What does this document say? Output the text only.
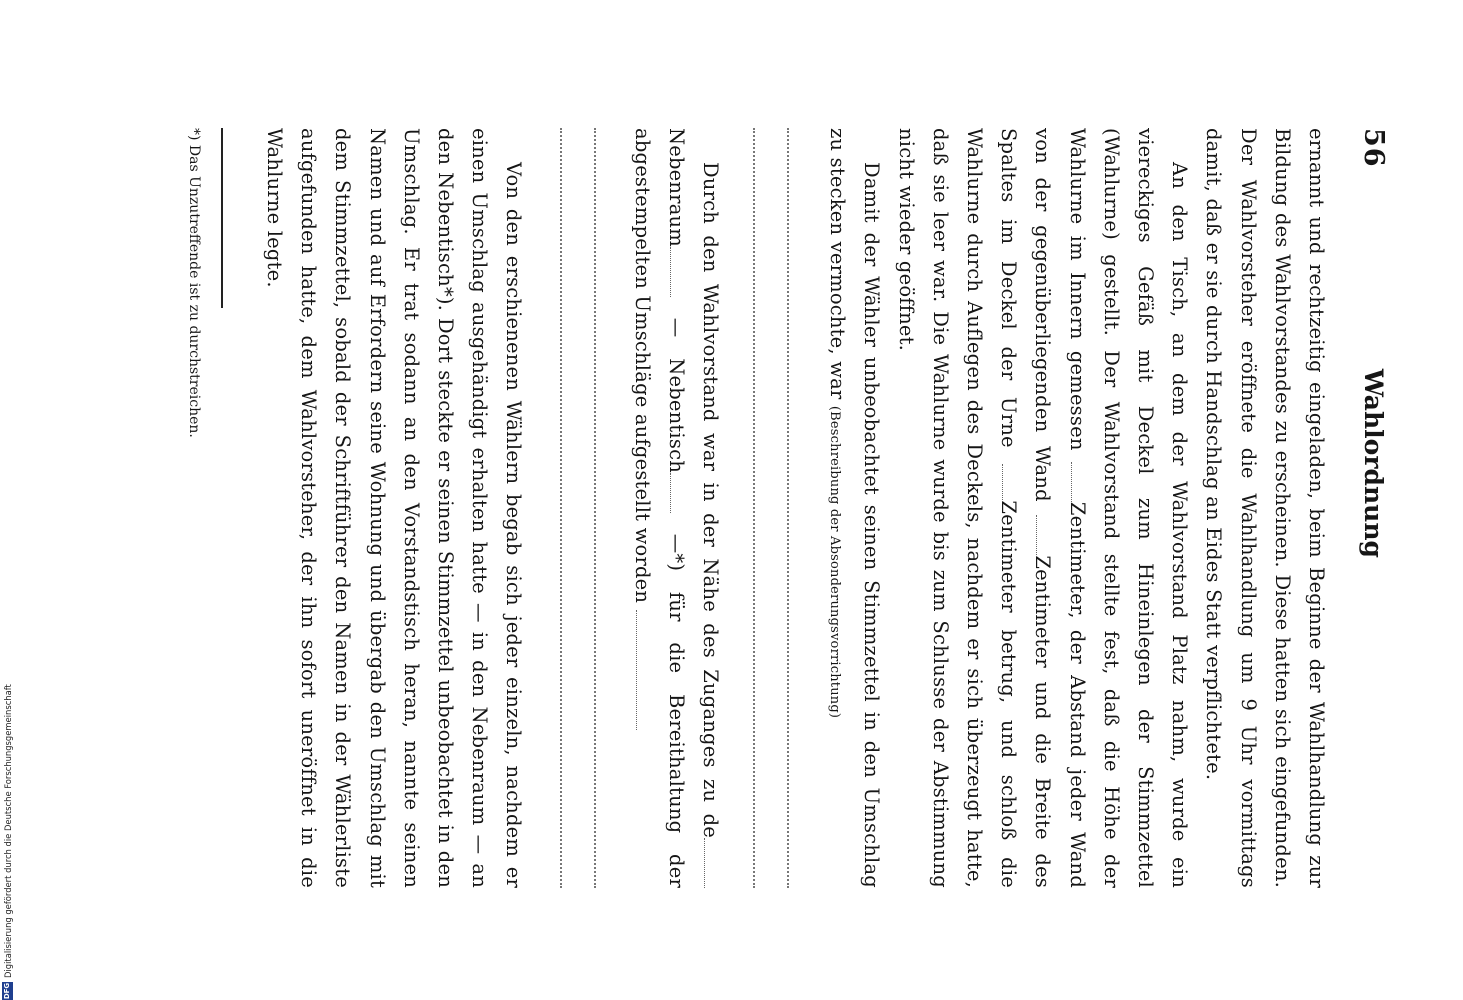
56
Wahlordnung

ernannt und rechtzeitig eingeladen, beim Beginne der Wahlhandlung zur Bildung des Wahlvorstandes zu erscheinen. Diese hatten sich eingefunden. Der Wahlvorsteher eröffnete die Wahlhandlung um 9 Uhr vormittags damit, daß er sie durch Handschlag an Eides Statt verpflichtete.

An den Tisch, an dem der Wahlvorstand Platz nahm, wurde ein viereckiges Gefäß mit Deckel zum Hineinlegen der Stimmzettel (Wahlurne) gestellt. Der Wahlvorstand stellte fest, daß die Höhe der Wahlurne im Innern gemessen Zentimeter, der Abstand jeder Wand von der gegenüberliegenden Wand Zentimeter und die Breite des Spaltes im Deckel der Urne Zentimeter betrug, und schloß die Wahlurne durch Auflegen des Deckels, nachdem er sich überzeugt hatte, daß sie leer war. Die Wahlurne wurde bis zum Schlusse der Abstimmung nicht wieder geöffnet.

Damit der Wähler unbeobachtet seinen Stimmzettel in den Umschlag zu stecken vermochte, war (Beschreibung der Absonderungsvorrichtung)

Durch den Wahlvorstand war in der Nähe des Zuganges zu de Nebenraum — Nebentisch —*) für die Bereithaltung der abgestempelten Umschläge aufgestellt worden

Von den erschienenen Wählern begab sich jeder einzeln, nachdem er einen Umschlag ausgehändigt erhalten hatte — in den Nebenraum — an den Nebentisch*). Dort steckte er seinen Stimmzettel unbeobachtet in den Umschlag. Er trat sodann an den Vorstandstisch heran, nannte seinen Namen und auf Erfordern seine Wohnung und übergab den Umschlag mit dem Stimmzettel, sobald der Schriftführer den Namen in der Wählerliste aufgefunden hatte, dem Wahlvorsteher, der ihn sofort uneröffnet in die Wahlurne legte.

*) Das Unzutreffende ist zu durchstreichen.

DFG
Digitalisierung gefördert durch die Deutsche Forschungsgemeinschaft
